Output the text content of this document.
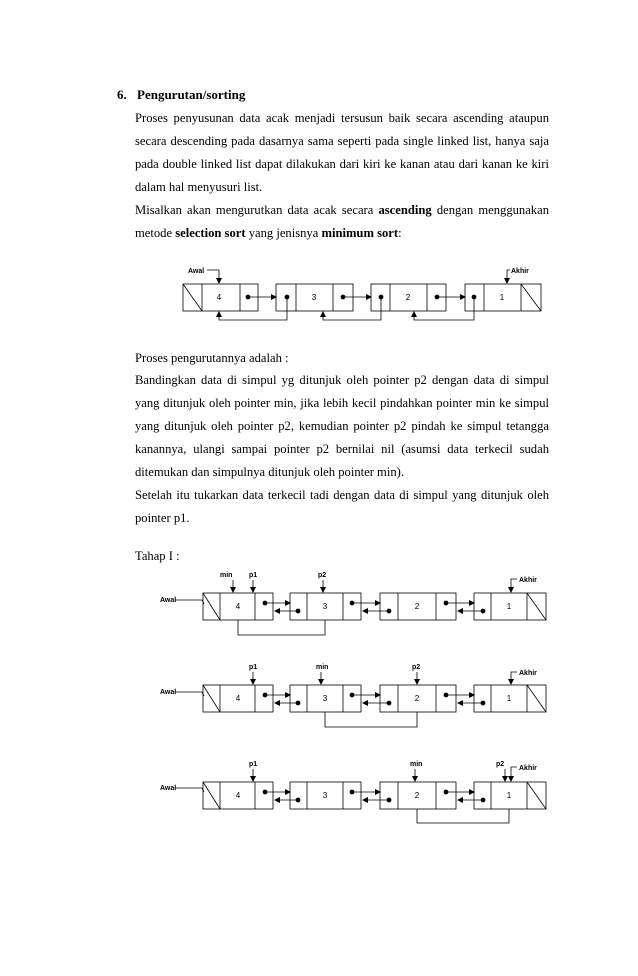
6. Pengurutan/sorting

Proses penyusunan data acak menjadi tersusun baik secara ascending ataupun

secara descending pada dasarnya sama seperti pada single linked list, hanya saja

pada double linked list dapat dilakukan dari kiri ke kanan atau dari kanan ke kiri

dalam hal menyusuri list.

Misalkan akan mengurutkan data acak secara ascending dengan menggunakan

metode selection sort yang jenisnya minimum sort:

Awal	Akhir
4	3	2	1
min p1	p2
Akhir
Awal
4	3	2	1
p1	min	p2
Akhir
Awal
4	3	2	1
p1	min	p2
Akhir
Awal
4	3	2	1
Proses pengurutannya adalah :

Bandingkan data di simpul yg ditunjuk oleh pointer p2 dengan data di simpul

yang ditunjuk oleh pointer min, jika lebih kecil pindahkan pointer min ke simpul

yang ditunjuk oleh pointer p2, kemudian pointer p2 pindah ke simpul tetangga

kanannya, ulangi sampai pointer p2 bernilai nil (asumsi data terkecil sudah

ditemukan dan simpulnya ditunjuk oleh pointer min).

Setelah itu tukarkan data terkecil tadi dengan data di simpul yang ditunjuk oleh

pointer p1.

Tahap I :
